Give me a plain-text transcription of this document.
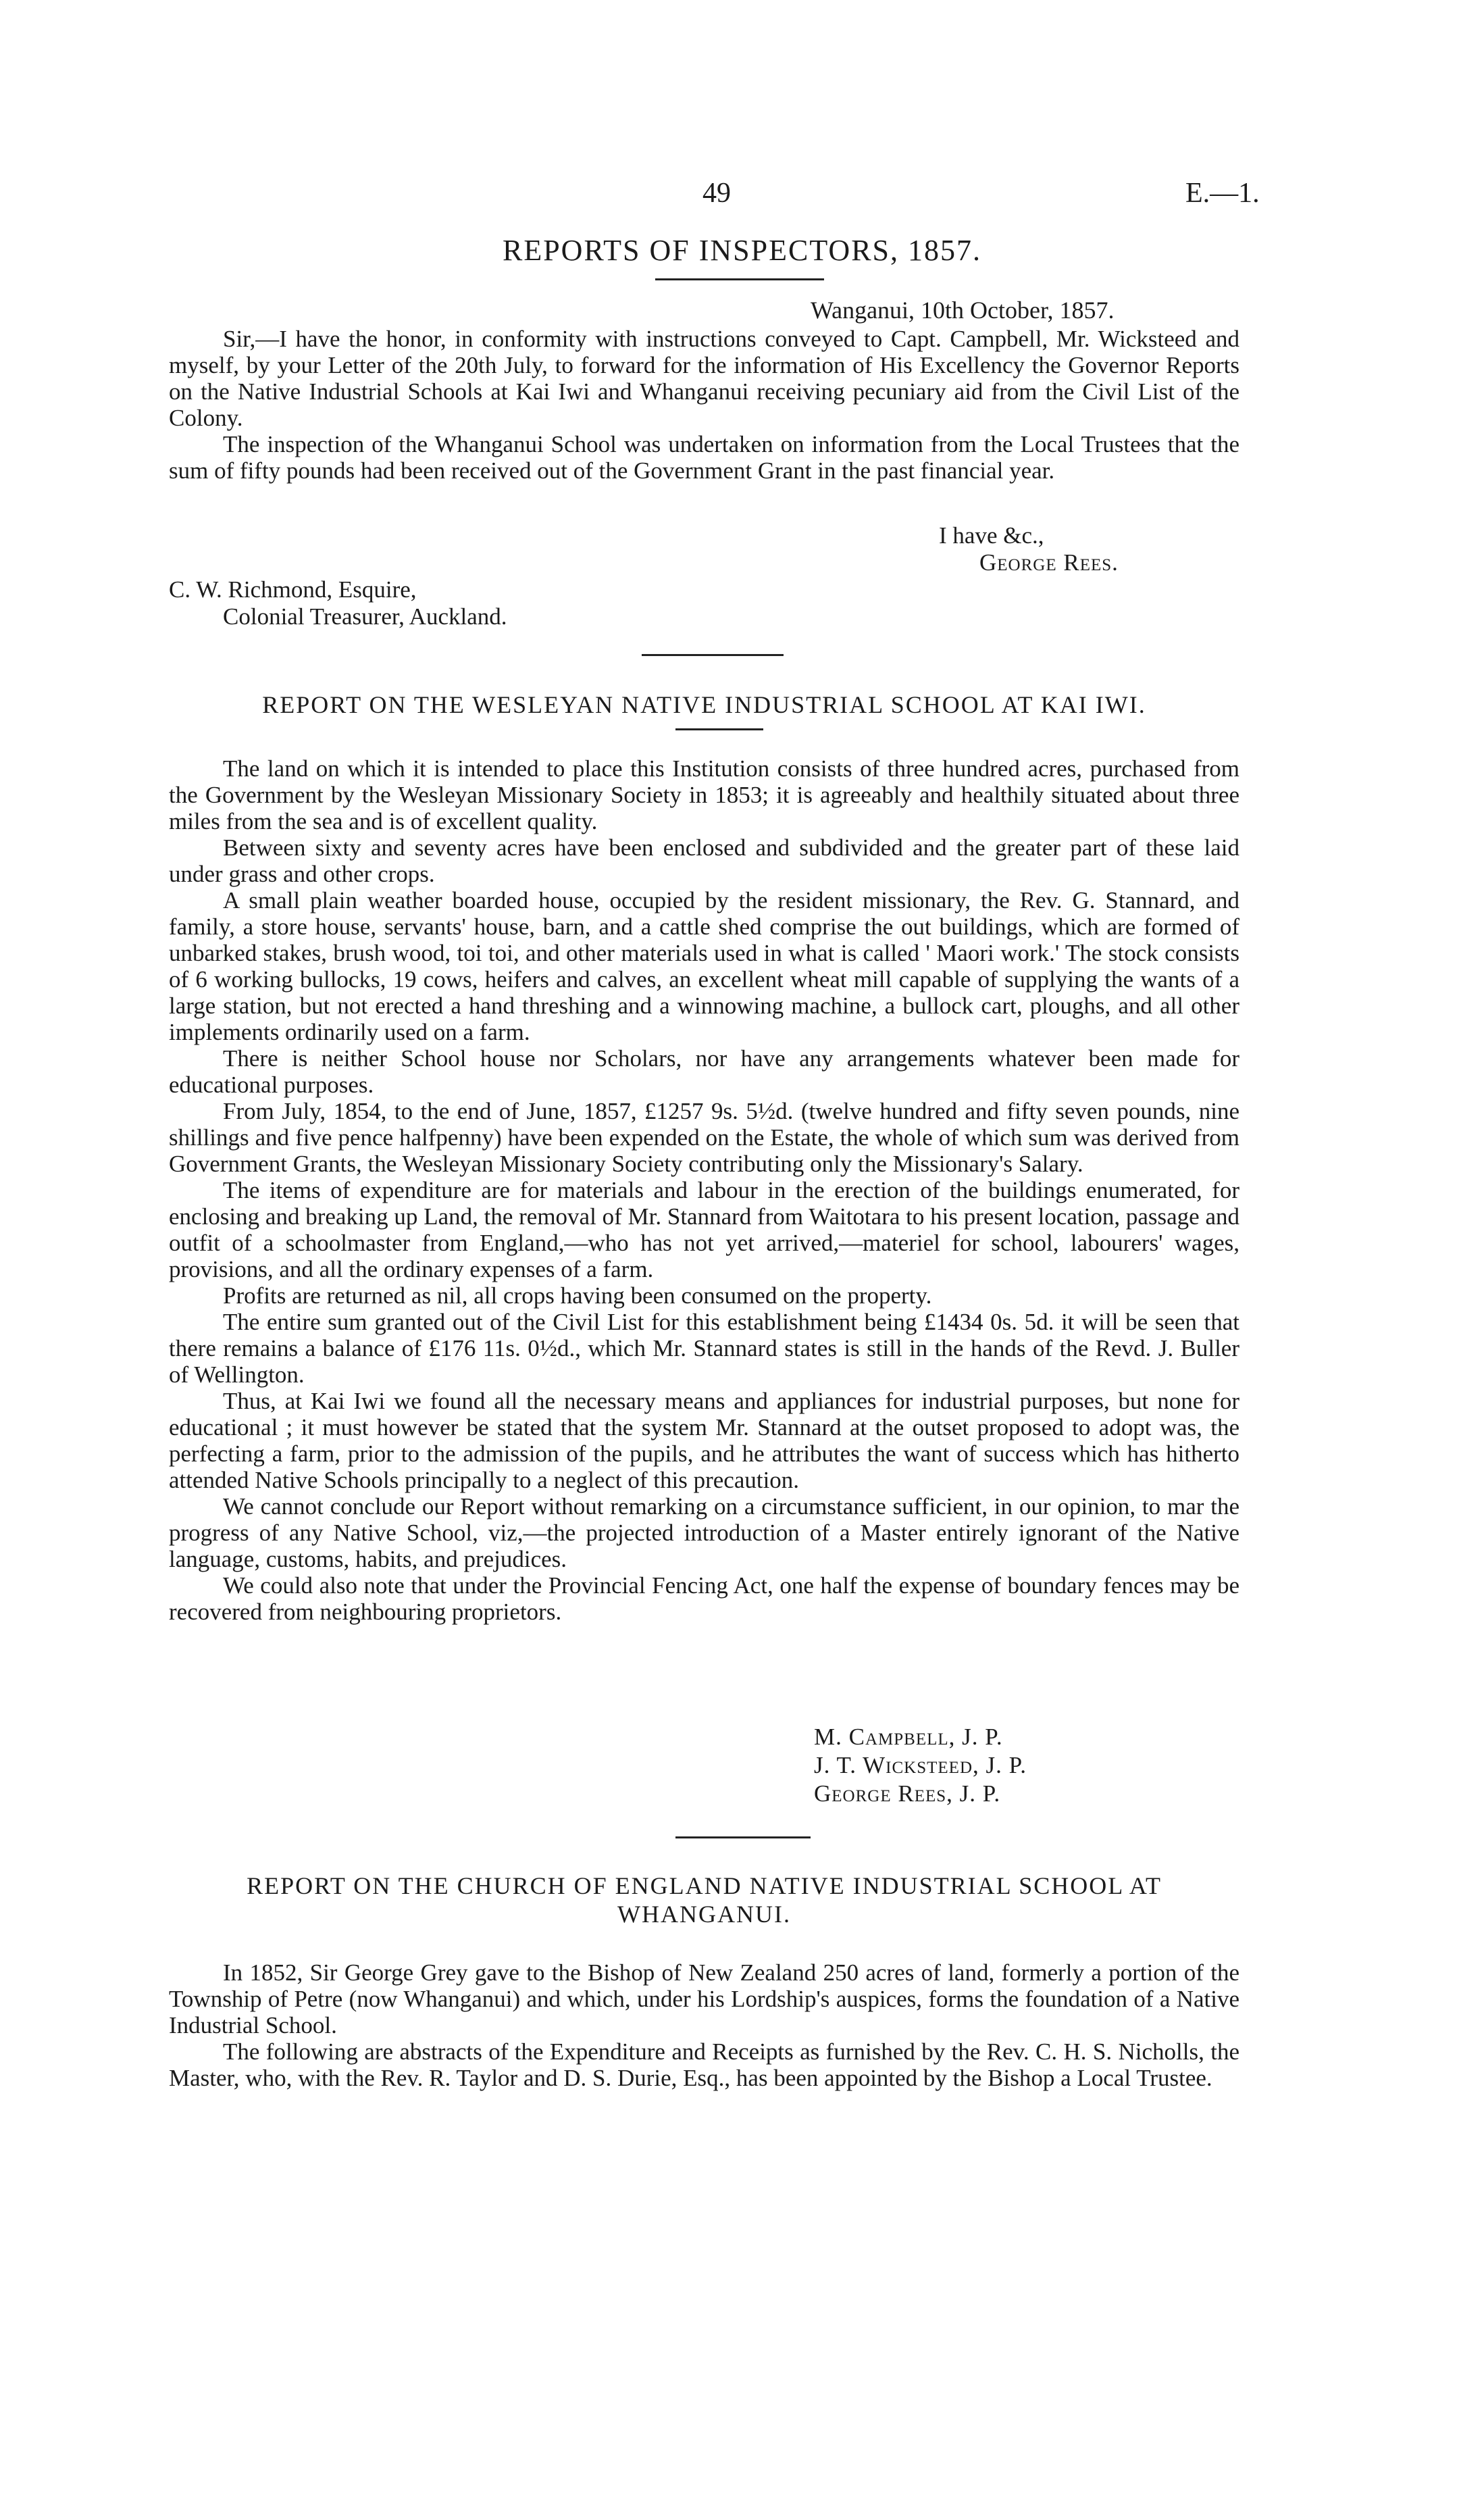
49	E.—1.
REPORTS OF INSPECTORS, 1857.
Wanganui, 10th October, 1857.

Sir,—I have the honor, in conformity with instructions conveyed to Capt. Campbell, Mr. Wicksteed and myself, by your Letter of the 20th July, to forward for the information of His Excellency the Governor Reports on the Native Industrial Schools at Kai Iwi and Whanganui receiving pecuniary aid from the Civil List of the Colony.

The inspection of the Whanganui School was undertaken on information from the Local Trustees that the sum of fifty pounds had been received out of the Government Grant in the past financial year.

I have &c.,
George Rees.
C. W. Richmond, Esquire,
Colonial Treasurer, Auckland.
REPORT ON THE WESLEYAN NATIVE INDUSTRIAL SCHOOL AT KAI IWI.

The land on which it is intended to place this Institution consists of three hundred acres, purchased from the Government by the Wesleyan Missionary Society in 1853; it is agreeably and healthily situated about three miles from the sea and is of excellent quality.

Between sixty and seventy acres have been enclosed and subdivided and the greater part of these laid under grass and other crops.

A small plain weather boarded house, occupied by the resident missionary, the Rev. G. Stannard, and family, a store house, servants' house, barn, and a cattle shed comprise the out buildings, which are formed of unbarked stakes, brush wood, toi toi, and other materials used in what is called ' Maori work.' The stock consists of 6 working bullocks, 19 cows, heifers and calves, an excellent wheat mill capable of supplying the wants of a large station, but not erected a hand threshing and a winnowing machine, a bullock cart, ploughs, and all other implements ordinarily used on a farm.

There is neither School house nor Scholars, nor have any arrangements whatever been made for educational purposes.

From July, 1854, to the end of June, 1857, £1257 9s. 5½d. (twelve hundred and fifty seven pounds, nine shillings and five pence halfpenny) have been expended on the Estate, the whole of which sum was derived from Government Grants, the Wesleyan Missionary Society contributing only the Missionary's Salary.

The items of expenditure are for materials and labour in the erection of the buildings enumerated, for enclosing and breaking up Land, the removal of Mr. Stannard from Waitotara to his present location, passage and outfit of a schoolmaster from England,—who has not yet arrived,—materiel for school, labourers' wages, provisions, and all the ordinary expenses of a farm.

Profits are returned as nil, all crops having been consumed on the property.

The entire sum granted out of the Civil List for this establishment being £1434 0s. 5d. it will be seen that there remains a balance of £176 11s. 0½d., which Mr. Stannard states is still in the hands of the Revd. J. Buller of Wellington.

Thus, at Kai Iwi we found all the necessary means and appliances for industrial purposes, but none for educational ; it must however be stated that the system Mr. Stannard at the outset proposed to adopt was, the perfecting a farm, prior to the admission of the pupils, and he attributes the want of success which has hitherto attended Native Schools principally to a neglect of this precaution.

We cannot conclude our Report without remarking on a circumstance sufficient, in our opinion, to mar the progress of any Native School, viz,—the projected introduction of a Master entirely ignorant of the Native language, customs, habits, and prejudices.

We could also note that under the Provincial Fencing Act, one half the expense of boundary fences may be recovered from neighbouring proprietors.

M. Campbell, J. P.
J. T. Wicksteed, J. P.
George Rees, J. P.
REPORT ON THE CHURCH OF ENGLAND NATIVE INDUSTRIAL SCHOOL AT
WHANGANUI.

In 1852, Sir George Grey gave to the Bishop of New Zealand 250 acres of land, formerly a portion of the Township of Petre (now Whanganui) and which, under his Lordship's auspices, forms the foundation of a Native Industrial School.

The following are abstracts of the Expenditure and Receipts as furnished by the Rev. C. H. S. Nicholls, the Master, who, with the Rev. R. Taylor and D. S. Durie, Esq., has been appointed by the Bishop a Local Trustee.
